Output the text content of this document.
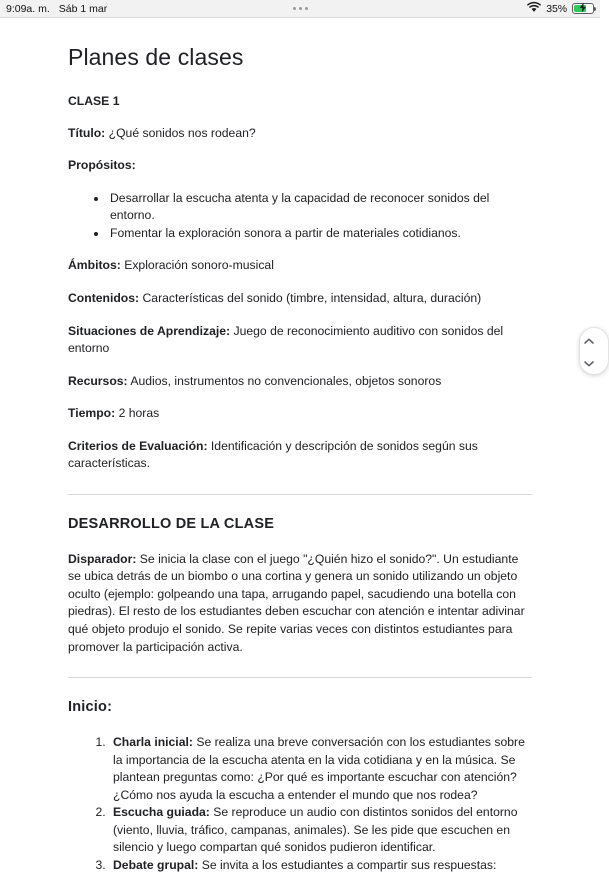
9:09a. m. Sáb 1 mar	35%
Planes de clases
CLASE 1

Título: ¿Qué sonidos nos rodean?

Propósitos:

• Desarrollar la escucha atenta y la capacidad de reconocer sonidos del entorno.
• Fomentar la exploración sonora a partir de materiales cotidianos.

Ámbitos: Exploración sonoro-musical

Contenidos: Características del sonido (timbre, intensidad, altura, duración)

Situaciones de Aprendizaje: Juego de reconocimiento auditivo con sonidos del entorno

Recursos: Audios, instrumentos no convencionales, objetos sonoros

Tiempo: 2 horas

Criterios de Evaluación: Identificación y descripción de sonidos según sus características.

DESARROLLO DE LA CLASE

Disparador: Se inicia la clase con el juego "¿Quién hizo el sonido?". Un estudiante se ubica detrás de un biombo o una cortina y genera un sonido utilizando un objeto oculto (ejemplo: golpeando una tapa, arrugando papel, sacudiendo una botella con piedras). El resto de los estudiantes deben escuchar con atención e intentar adivinar qué objeto produjo el sonido. Se repite varias veces con distintos estudiantes para promover la participación activa.

Inicio:
1. Charla inicial: Se realiza una breve conversación con los estudiantes sobre la importancia de la escucha atenta en la vida cotidiana y en la música. Se plantean preguntas como: ¿Por qué es importante escuchar con atención? ¿Cómo nos ayuda la escucha a entender el mundo que nos rodea?
2. Escucha guiada: Se reproduce un audio con distintos sonidos del entorno (viento, lluvia, tráfico, campanas, animales). Se les pide que escuchen en silencio y luego compartan qué sonidos pudieron identificar.
3. Debate grupal: Se invita a los estudiantes a compartir sus respuestas:
